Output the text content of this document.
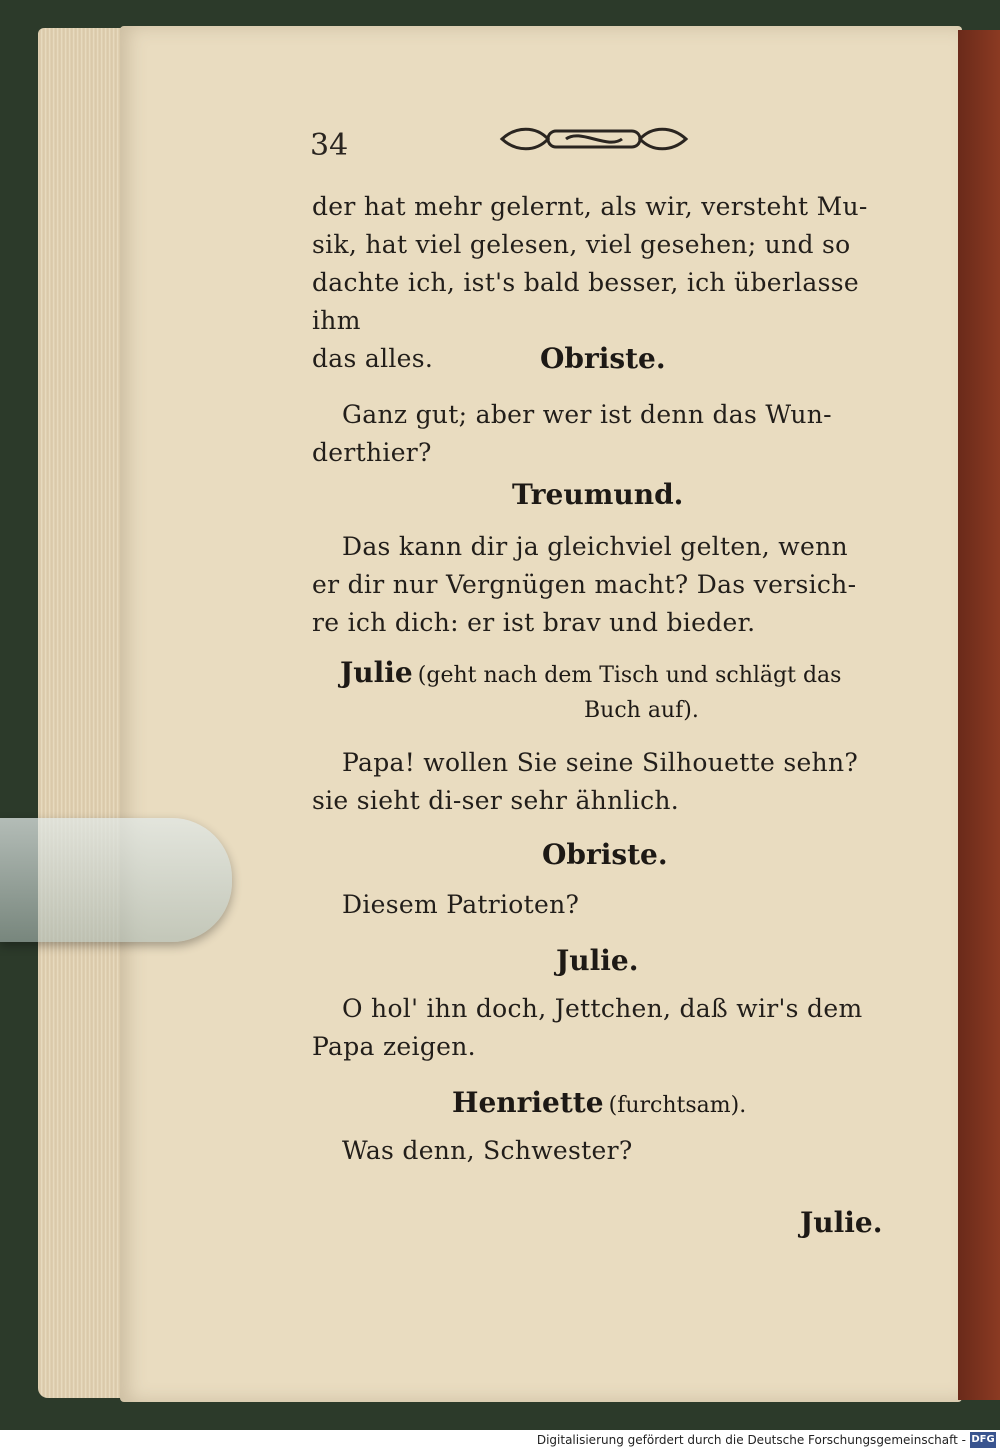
34
der hat mehr gelernt, als wir, versteht Mu-
sik, hat viel gelesen, viel gesehen; und so
dachte ich, ist's bald besser, ich überlasse ihm
das alles.	Obriste.
Ganz gut; aber wer ist denn das Wun-
derthier?
Treumund.
Das kann dir ja gleichviel gelten, wenn
er dir nur Vergnügen macht? Das versich-
re ich dich: er ist brav und bieder.
Julie (geht nach dem Tisch und schlägt das
Buch auf).
Papa! wollen Sie seine Silhouette sehn?
sie sieht di-ser sehr ähnlich.
Obriste.
Diesem Patrioten?
Julie.
O hol' ihn doch, Jettchen, daß wir's dem
Papa zeigen.
Henriette (furchtsam).
Was denn, Schwester?
Julie.
Digitalisierung gefördert durch die Deutsche Forschungsgemeinschaft - DFG
